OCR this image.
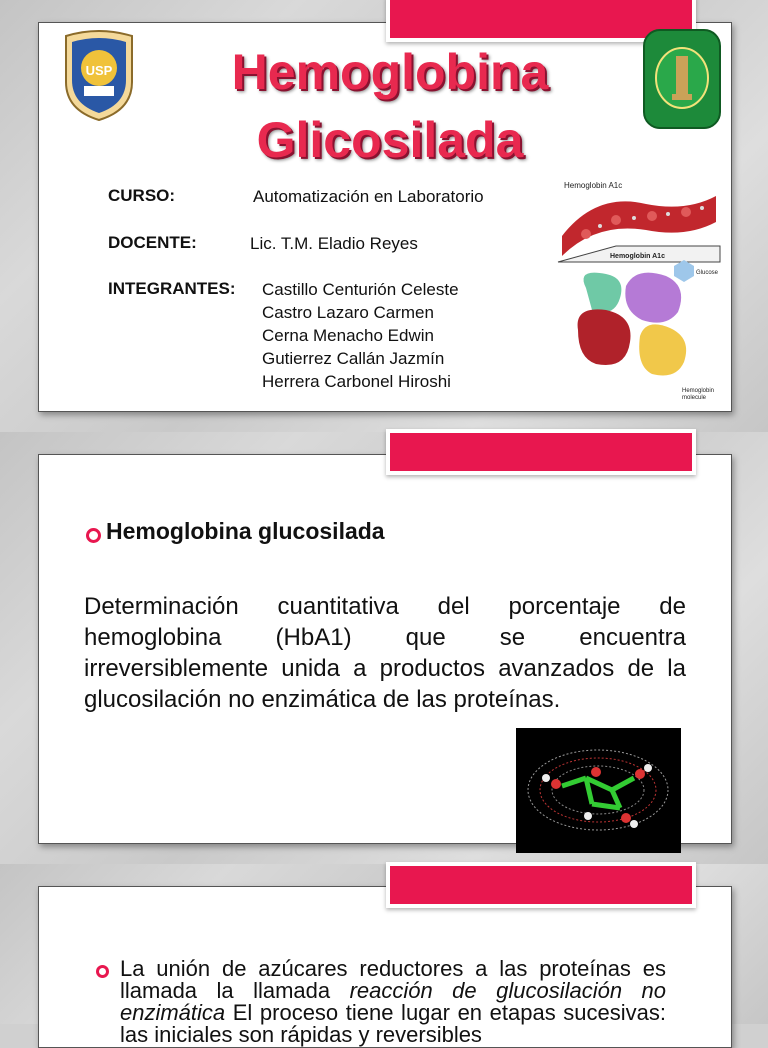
USP	Hemoglobina
Glicosilada
CURSO:	Automatización en Laboratorio
DOCENTE:	Lic. T.M. Eladio Reyes
INTEGRANTES: Castillo Centurión Celeste
Castro Lazaro Carmen
Cerna Menacho Edwin
Gutierrez Callán Jazmín
Herrera Carbonel Hiroshi
Hemoglobin A1c
Hemoglobin A1c
Glucose
Hemoglobin
molecule
Hemoglobina glucosilada
Determinación cuantitativa del porcentaje de hemoglobina (HbA1) que se encuentra irreversiblemente unida a productos avanzados de la glucosilación no enzimática de las proteínas.
La unión de azúcares reductores a las proteínas es llamada la llamada reacción de glucosilación no enzimática El proceso tiene lugar en etapas sucesivas: las iniciales son rápidas y reversibles
